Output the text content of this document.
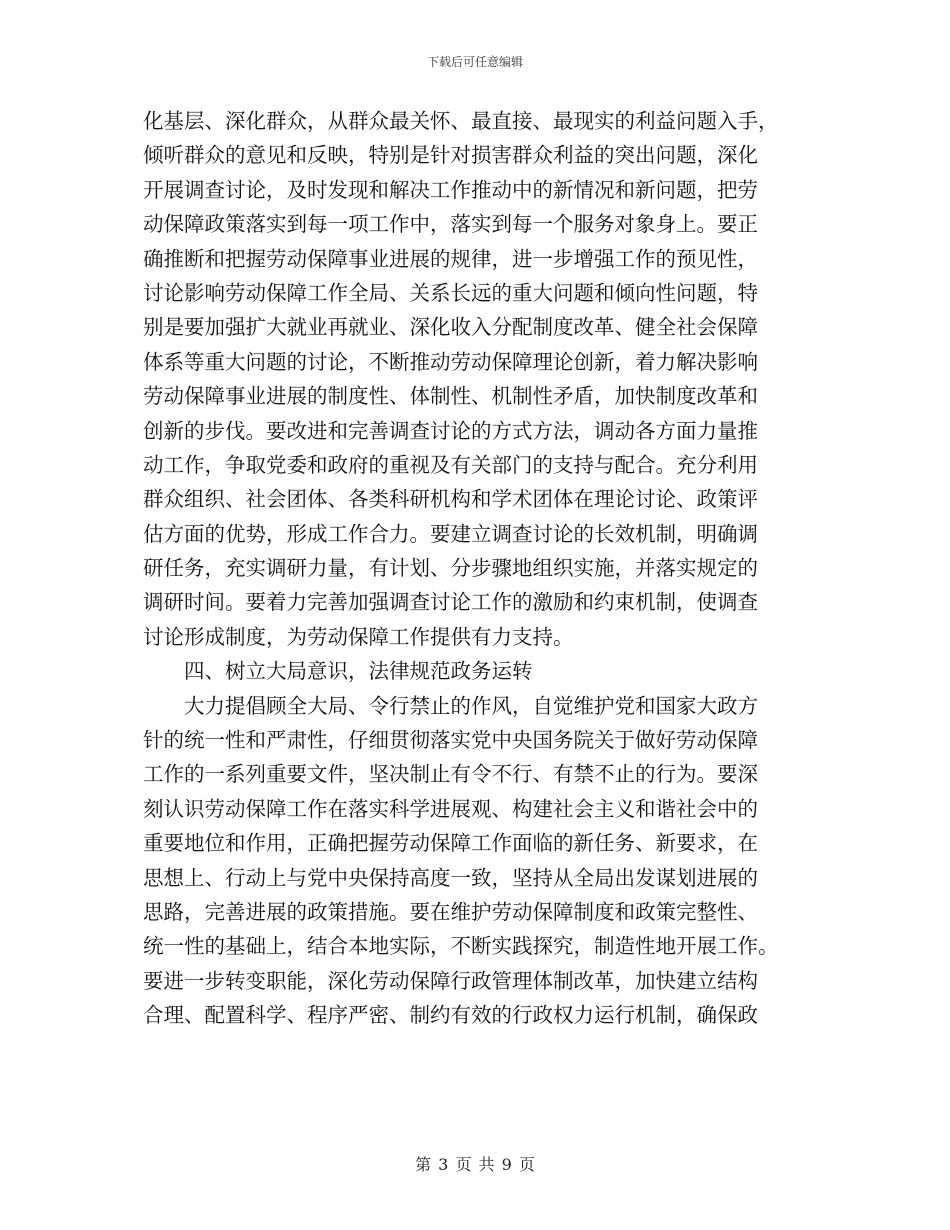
下载后可任意编辑
化基层、深化群众，从群众最关怀、最直接、最现实的利益问题入手，
倾听群众的意见和反映，特别是针对损害群众利益的突出问题，深化
开展调查讨论，及时发现和解决工作推动中的新情况和新问题，把劳
动保障政策落实到每一项工作中，落实到每一个服务对象身上。要正
确推断和把握劳动保障事业进展的规律，进一步增强工作的预见性，
讨论影响劳动保障工作全局、关系长远的重大问题和倾向性问题，特
别是要加强扩大就业再就业、深化收入分配制度改革、健全社会保障
体系等重大问题的讨论，不断推动劳动保障理论创新，着力解决影响
劳动保障事业进展的制度性、体制性、机制性矛盾，加快制度改革和
创新的步伐。要改进和完善调查讨论的方式方法，调动各方面力量推
动工作，争取党委和政府的重视及有关部门的支持与配合。充分利用
群众组织、社会团体、各类科研机构和学术团体在理论讨论、政策评
估方面的优势，形成工作合力。要建立调查讨论的长效机制，明确调
研任务，充实调研力量，有计划、分步骤地组织实施，并落实规定的
调研时间。要着力完善加强调查讨论工作的激励和约束机制，使调查
讨论形成制度，为劳动保障工作提供有力支持。
四、树立大局意识，法律规范政务运转
大力提倡顾全大局、令行禁止的作风，自觉维护党和国家大政方
针的统一性和严肃性，仔细贯彻落实党中央国务院关于做好劳动保障
工作的一系列重要文件，坚决制止有令不行、有禁不止的行为。要深
刻认识劳动保障工作在落实科学进展观、构建社会主义和谐社会中的
重要地位和作用，正确把握劳动保障工作面临的新任务、新要求，在
思想上、行动上与党中央保持高度一致，坚持从全局出发谋划进展的
思路，完善进展的政策措施。要在维护劳动保障制度和政策完整性、
统一性的基础上，结合本地实际，不断实践探究，制造性地开展工作。
要进一步转变职能，深化劳动保障行政管理体制改革，加快建立结构
合理、配置科学、程序严密、制约有效的行政权力运行机制，确保政
第 3 页 共 9 页
